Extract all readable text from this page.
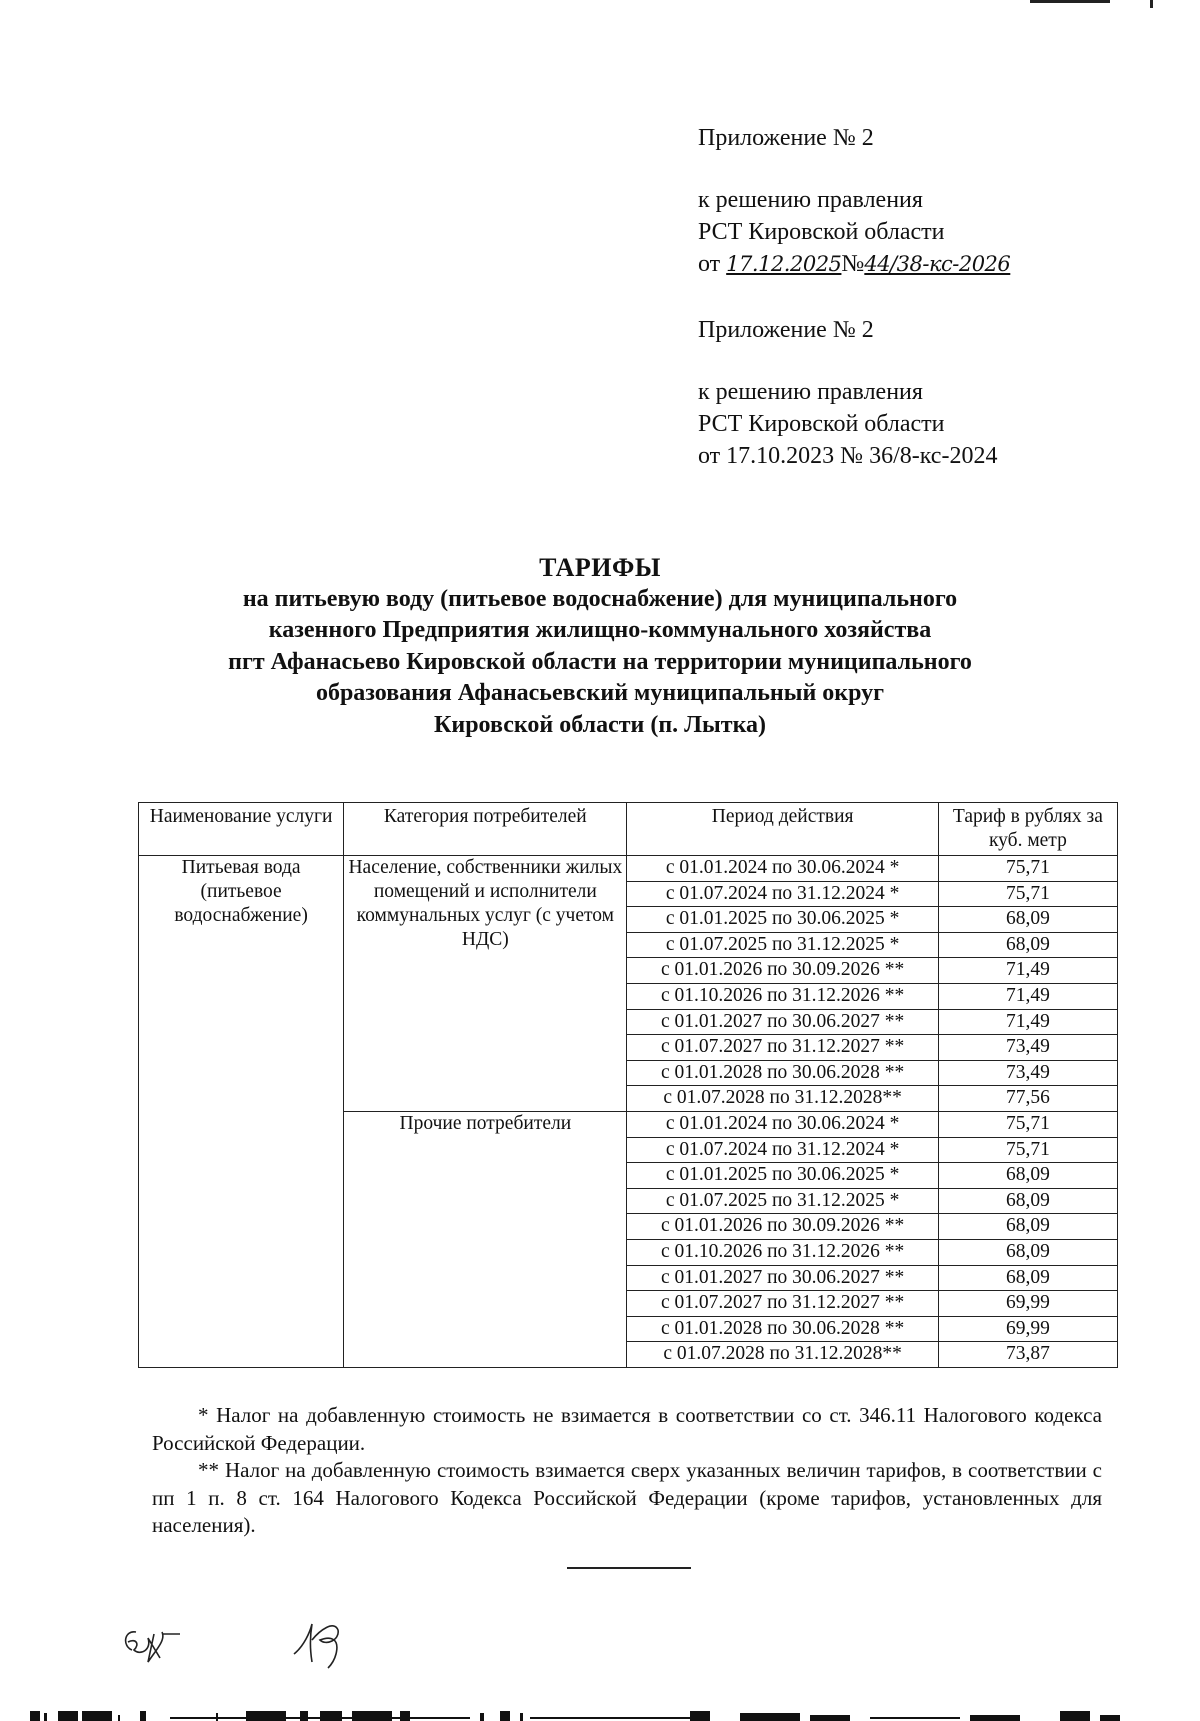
Приложение № 2

к решению правления

РСТ Кировской области

от 17.12.2025№44/38-кс-2026

Приложение № 2

к решению правления

РСТ Кировской области

от 17.10.2023 № 36/8-кс-2024

ТАРИФЫ
на питьевую воду (питьевое водоснабжение) для муниципального
казенного Предприятия жилищно-коммунального хозяйства
пгт Афанасьево Кировской области на территории муниципального
образования Афанасьевский муниципальный округ
Кировской области (п. Лытка)
Наименование услуги	Категория потребителей	Период действия	Тариф в рублях за куб. метр
Питьевая вода (питьевое водоснабжение)	Население, собственники жилых помещений и исполнители коммунальных услуг (с учетом НДС)	с 01.01.2024 по 30.06.2024 *	75,71
		с 01.07.2024 по 31.12.2024 *	75,71
		с 01.01.2025 по 30.06.2025 *	68,09
		с 01.07.2025 по 31.12.2025 *	68,09
		с 01.01.2026 по 30.09.2026 **	71,49
		с 01.10.2026 по 31.12.2026 **	71,49
		с 01.01.2027 по 30.06.2027 **	71,49
		с 01.07.2027 по 31.12.2027 **	73,49
		с 01.01.2028 по 30.06.2028 **	73,49
		с 01.07.2028 по 31.12.2028**	77,56
	Прочие потребители	с 01.01.2024 по 30.06.2024 *	75,71
		с 01.07.2024 по 31.12.2024 *	75,71
		с 01.01.2025 по 30.06.2025 *	68,09
		с 01.07.2025 по 31.12.2025 *	68,09
		с 01.01.2026 по 30.09.2026 **	68,09
		с 01.10.2026 по 31.12.2026 **	68,09
		с 01.01.2027 по 30.06.2027 **	68,09
		с 01.07.2027 по 31.12.2027 **	69,99
		с 01.01.2028 по 30.06.2028 **	69,99
		с 01.07.2028 по 31.12.2028**	73,87

* Налог на добавленную стоимость не взимается в соответствии со ст. 346.11 Налогового кодекса Российской Федерации.

** Налог на добавленную стоимость взимается сверх указанных величин тарифов, в соответствии с пп 1 п. 8 ст. 164 Налогового Кодекса Российской Федерации (кроме тарифов, установленных для населения).
